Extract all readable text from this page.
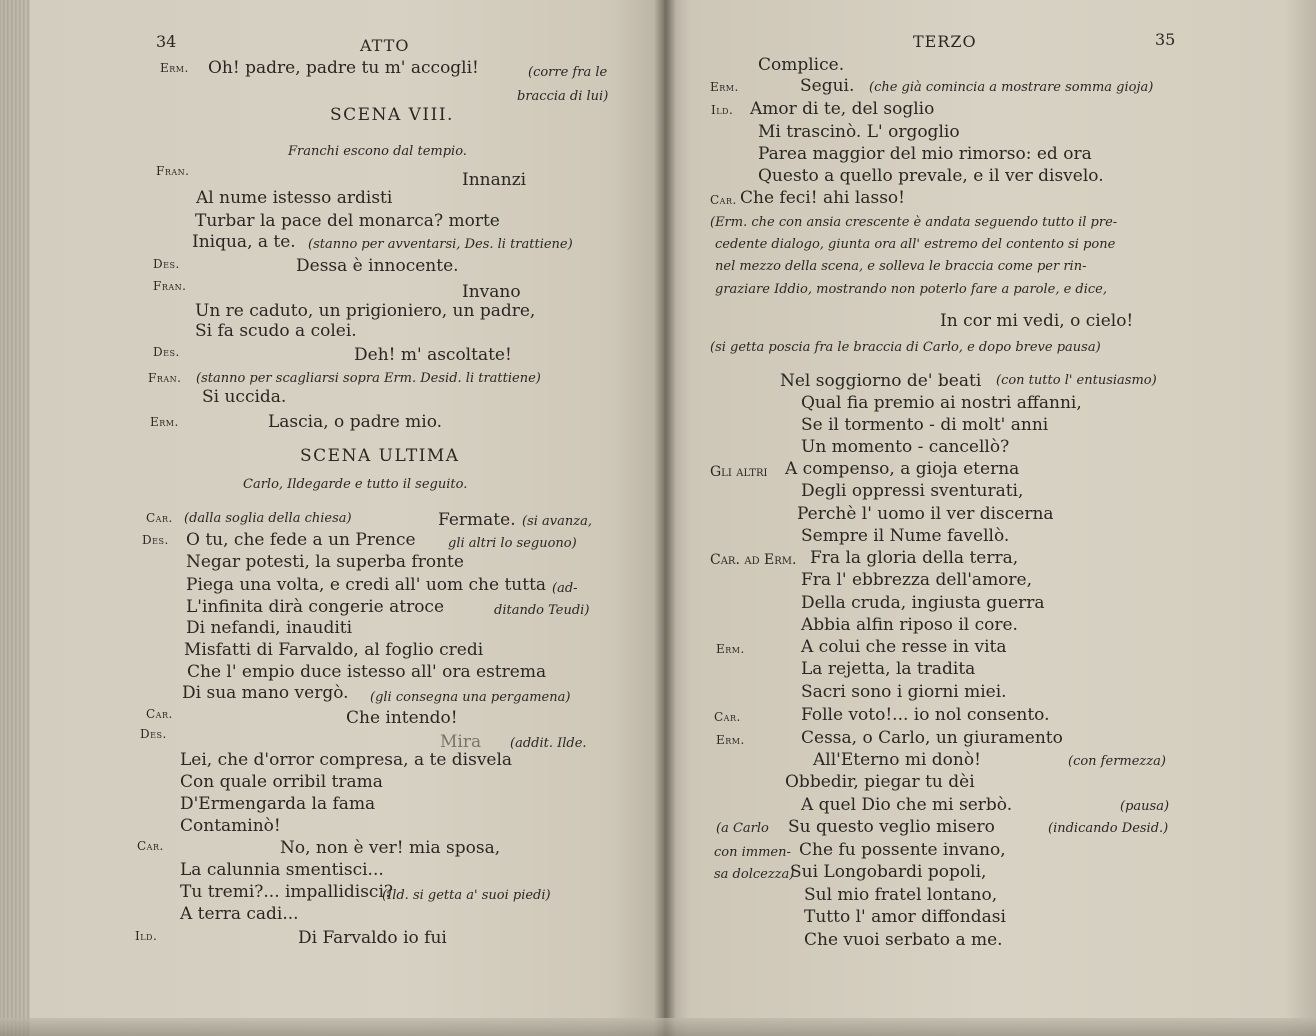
34	ATTO
Erm. Oh! padre, padre tu m' accogli!	(corre fra le
braccia di lui)
SCENA VIII.
Franchi escono dal tempio.
Fran.	Innanzi
Al nume istesso ardisti
Turbar la pace del monarca? morte
Iniqua, a te. (stanno per avventarsi, Des. li trattiene)
Des.	Dessa è innocente.
Fran.	Invano
Un re caduto, un prigioniero, un padre,
Si fa scudo a colei.
Des.	Deh! m' ascoltate!
Fran. (stanno per scagliarsi sopra Erm. Desid. li trattiene)
Si uccida.
Erm.	Lascia, o padre mio.
SCENA ULTIMA
Carlo, Ildegarde e tutto il seguito.
Car. (dalla soglia della chiesa)	Fermate. (si avanza,
Des. O tu, che fede a un Prence gli altri lo seguono)
Negar potesti, la superba fronte
Piega una volta, e credi all' uom che tutta (ad-
L'infinita dirà congerie atroce	ditando Teudi)
Di nefandi, inauditi
Misfatti di Farvaldo, al foglio credi
Che l' empio duce istesso all' ora estrema
Di sua mano vergò. (gli consegna una pergamena)
Car.	Che intendo!
Des.	Mira (addit. Ilde.
Lei, che d'orror compresa, a te disvela
Con quale orribil trama
D'Ermengarda la fama
Contaminò!
Car.	No, non è ver! mia sposa,
La calunnia smentisci...
Tu tremi?... impallidisci?
(Ild. si getta a' suoi piedi)
A terra cadi...
Ild.	Di Farvaldo io fui
TERZO	35
Complice.
Erm.	Segui. (che già comincia a mostrare somma gioja)
Ild. Amor di te, del soglio
Mi trascinò. L' orgoglio
Parea maggior del mio rimorso: ed ora
Questo a quello prevale, e il ver disvelo.
Car. Che feci! ahi lasso!
(Erm. che con ansia crescente è andata seguendo tutto il pre-
cedente dialogo, giunta ora all' estremo del contento si pone
nel mezzo della scena, e solleva le braccia come per rin-
graziare Iddio, mostrando non poterlo fare a parole, e dice,
In cor mi vedi, o cielo!
(si getta poscia fra le braccia di Carlo, e dopo breve pausa)
Nel soggiorno de' beati (con tutto l' entusiasmo)
Qual fia premio ai nostri affanni,
Se il tormento - di molt' anni
Un momento - cancellò?
Gli altri A compenso, a gioja eterna
Degli oppressi sventurati,
Perchè l' uomo il ver discerna
Sempre il Nume favellò.
Car. ad Erm. Fra la gloria della terra,
Fra l' ebbrezza dell'amore,
Della cruda, ingiusta guerra
Abbia alfin riposo il core.
Erm.	A colui che resse in vita
La rejetta, la tradita
Sacri sono i giorni miei.
Car.	Folle voto!... io nol consento.
Erm.	Cessa, o Carlo, un giuramento
All'Eterno mi donò!	(con fermezza)
Obbedir, piegar tu dèi
A quel Dio che mi serbò.	(pausa)
(a Carlo Su questo veglio misero	(indicando Desid.)
con immen- Che fu possente invano,
sa dolcezza)
Sui Longobardi popoli,
Sul mio fratel lontano,
Tutto l' amor diffondasi
Che vuoi serbato a me.
